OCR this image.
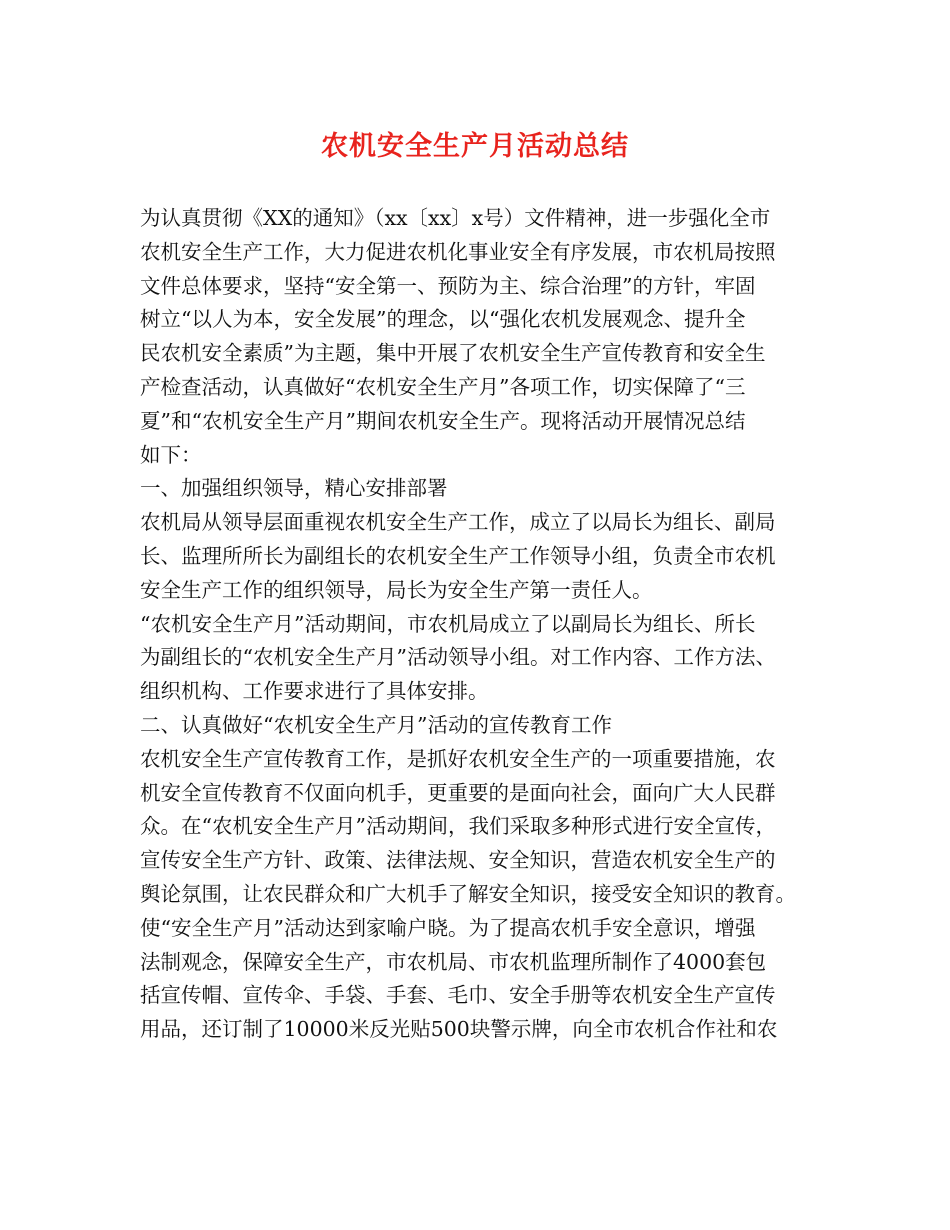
农机安全生产月活动总结
为认真贯彻《XX的通知》（xx〔xx〕x号）文件精神，进一步强化全市
农机安全生产工作，大力促进农机化事业安全有序发展，市农机局按照
文件总体要求，坚持“安全第一、预防为主、综合治理”的方针，牢固
树立“以人为本，安全发展”的理念，以“强化农机发展观念、提升全
民农机安全素质”为主题，集中开展了农机安全生产宣传教育和安全生
产检查活动，认真做好“农机安全生产月”各项工作，切实保障了“三
夏”和“农机安全生产月”期间农机安全生产。现将活动开展情况总结
如下：
一、加强组织领导，精心安排部署
农机局从领导层面重视农机安全生产工作，成立了以局长为组长、副局
长、监理所所长为副组长的农机安全生产工作领导小组，负责全市农机
安全生产工作的组织领导，局长为安全生产第一责任人。
“农机安全生产月”活动期间，市农机局成立了以副局长为组长、所长
为副组长的“农机安全生产月”活动领导小组。对工作内容、工作方法、
组织机构、工作要求进行了具体安排。
二、认真做好“农机安全生产月”活动的宣传教育工作
农机安全生产宣传教育工作，是抓好农机安全生产的一项重要措施，农
机安全宣传教育不仅面向机手，更重要的是面向社会，面向广大人民群
众。在“农机安全生产月”活动期间，我们采取多种形式进行安全宣传，
宣传安全生产方针、政策、法律法规、安全知识，营造农机安全生产的
舆论氛围，让农民群众和广大机手了解安全知识，接受安全知识的教育。
使“安全生产月”活动达到家喻户晓。为了提高农机手安全意识，增强
法制观念，保障安全生产，市农机局、市农机监理所制作了4000套包
括宣传帽、宣传伞、手袋、手套、毛巾、安全手册等农机安全生产宣传
用品，还订制了10000米反光贴500块警示牌，向全市农机合作社和农
